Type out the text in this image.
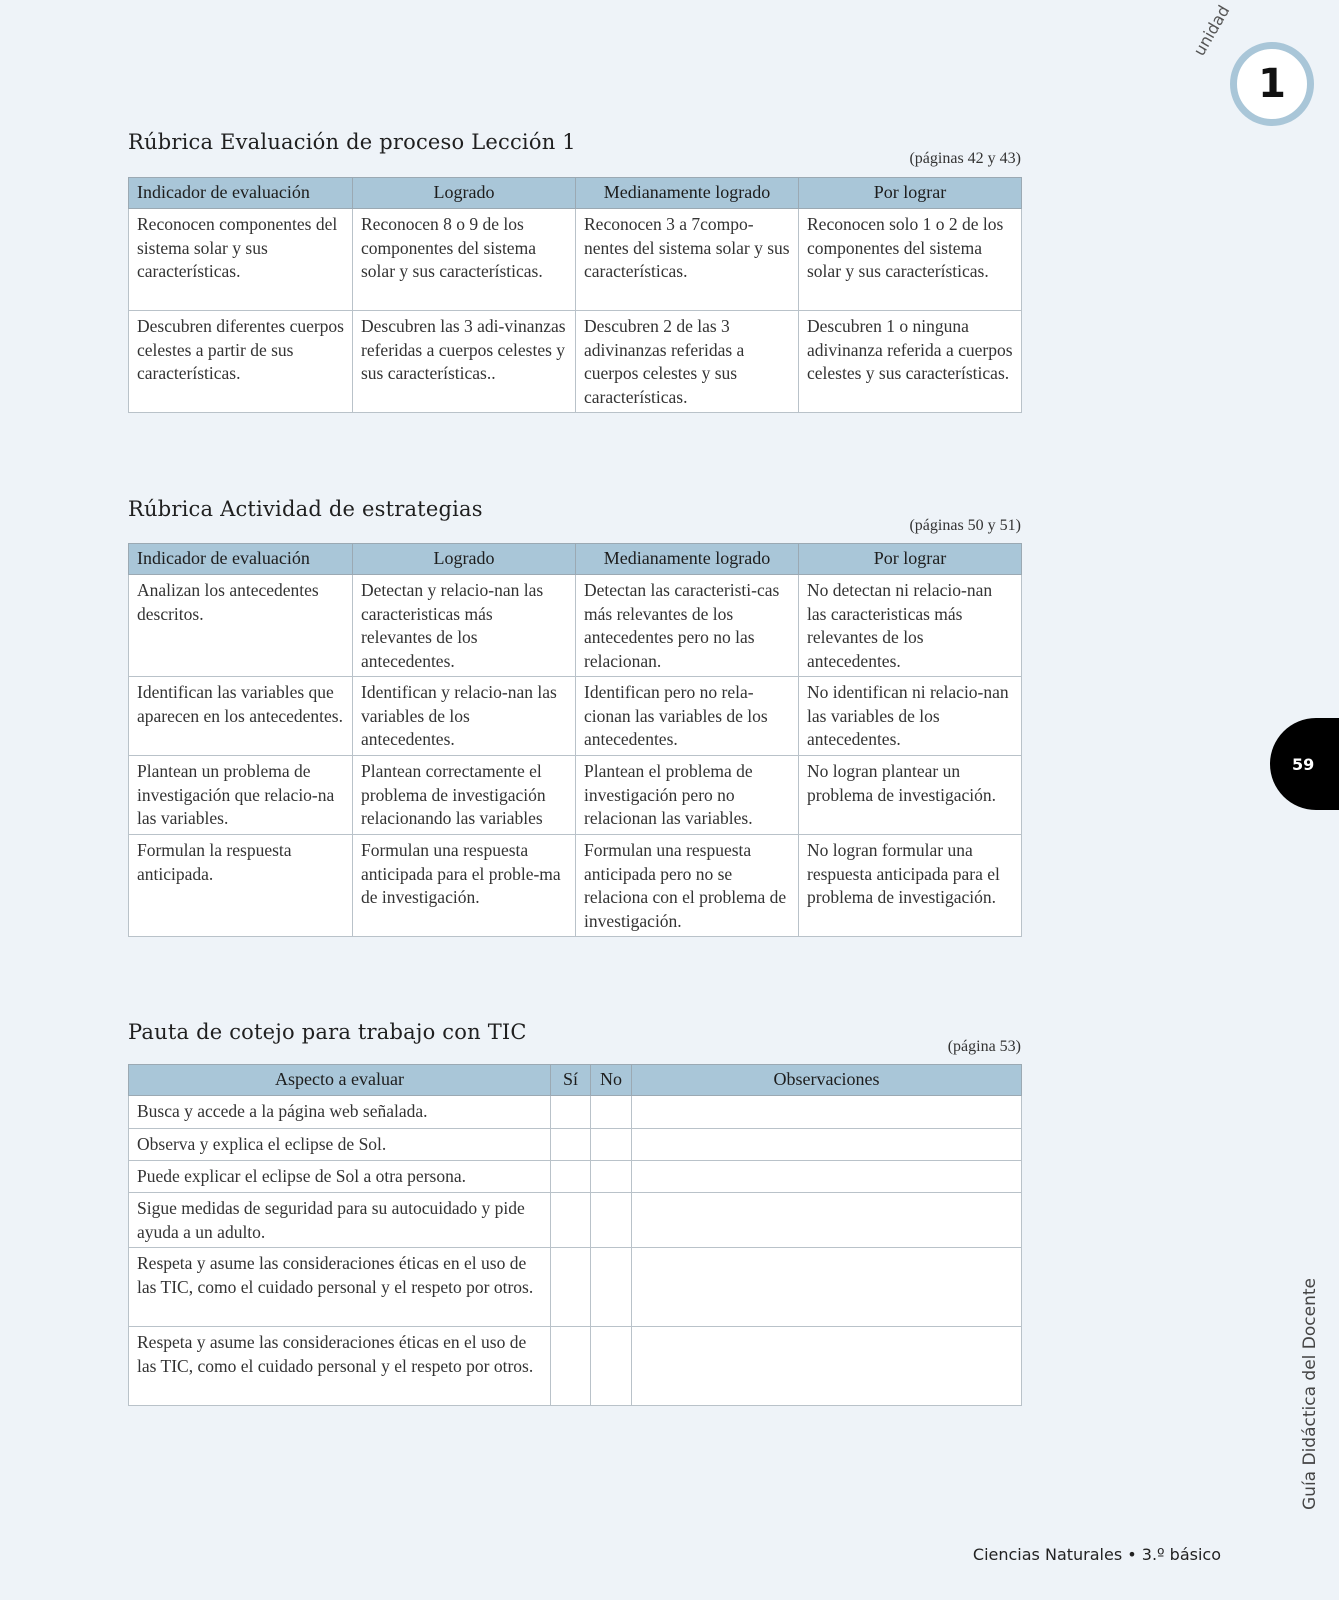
unidad
1
Rúbrica Evaluación de proceso Lección 1
(páginas 42 y 43)
Indicador de evaluación	Logrado	Medianamente logrado	Por lograr
Reconocen componentes del sistema solar y sus características.	Reconocen 8 o 9 de los componentes del sistema solar y sus características.	Reconocen 3 a 7compo-nentes del sistema solar y sus características.	Reconocen solo 1 o 2 de los componentes del sistema solar y sus características.
Descubren diferentes cuerpos celestes a partir de sus características.	Descubren las 3 adi-vinanzas referidas a cuerpos celestes y sus características..	Descubren 2 de las 3 adivinanzas referidas a cuerpos celestes y sus características.	Descubren 1 o ninguna adivinanza referida a cuerpos celestes y sus características.
Rúbrica Actividad de estrategias
(páginas 50 y 51)
Indicador de evaluación	Logrado	Medianamente logrado	Por lograr
Analizan los antecedentes descritos.	Detectan y relacio-nan las caracteristicas más relevantes de los antecedentes.	Detectan las caracteristi-cas más relevantes de los antecedentes pero no las relacionan.	No detectan ni relacio-nan las caracteristicas más relevantes de los antecedentes.
Identifican las variables que aparecen en los antecedentes.	Identifican y relacio-nan las variables de los antecedentes.	Identifican pero no rela-cionan las variables de los antecedentes.	No identifican ni relacio-nan las variables de los antecedentes.
Plantean un problema de investigación que relacio-na las variables.	Plantean correctamente el problema de investigación relacionando las variables	Plantean el problema de investigación pero no relacionan las variables.	No logran plantear un problema de investigación.
Formulan la respuesta anticipada.	Formulan una respuesta anticipada para el proble-ma de investigación.	Formulan una respuesta anticipada pero no se relaciona con el problema de investigación.	No logran formular una respuesta anticipada para el problema de investigación.
Pauta de cotejo para trabajo con TIC
(página 53)
Aspecto a evaluar	Sí	No	Observaciones
Busca y accede a la página web señalada.			
Observa y explica el eclipse de Sol.			
Puede explicar el eclipse de Sol a otra persona.			
Sigue medidas de seguridad para su autocuidado y pide ayuda a un adulto.			
Respeta y asume las consideraciones éticas en el uso de las TIC, como el cuidado personal y el respeto por otros.			
Respeta y asume las consideraciones éticas en el uso de las TIC, como el cuidado personal y el respeto por otros.			
59
Guía Didáctica del Docente
Ciencias Naturales • 3.º básico
